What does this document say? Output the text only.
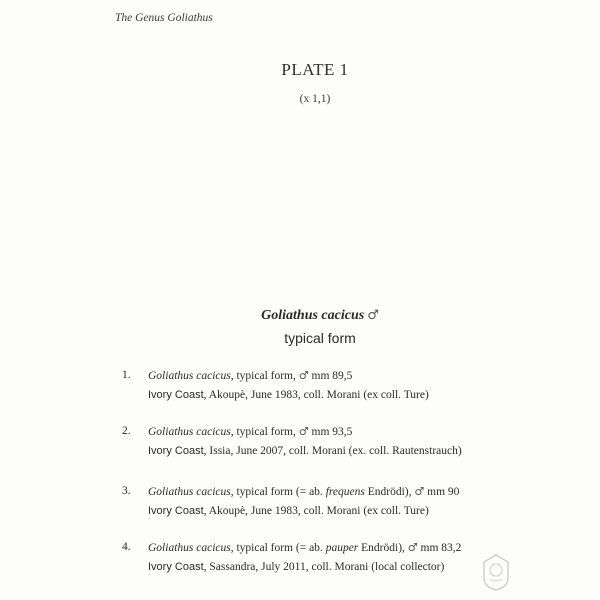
The Genus Goliathus
PLATE 1
(x 1,1)
Goliathus cacicus ♂
typical form
1. Goliathus cacicus, typical form, ♂ mm 89,5
Ivory Coast, Akoupè, June 1983, coll. Morani (ex coll. Ture)
2. Goliathus cacicus, typical form, ♂ mm 93,5
Ivory Coast, Issia, June 2007, coll. Morani (ex. coll. Rautenstrauch)
3. Goliathus cacicus, typical form (= ab. frequens Endrödi), ♂ mm 90
Ivory Coast, Akoupè, June 1983, coll. Morani (ex coll. Ture)
4. Goliathus cacicus, typical form (= ab. pauper Endrödi), ♂ mm 83,2
Ivory Coast, Sassandra, July 2011, coll. Morani (local collector)
